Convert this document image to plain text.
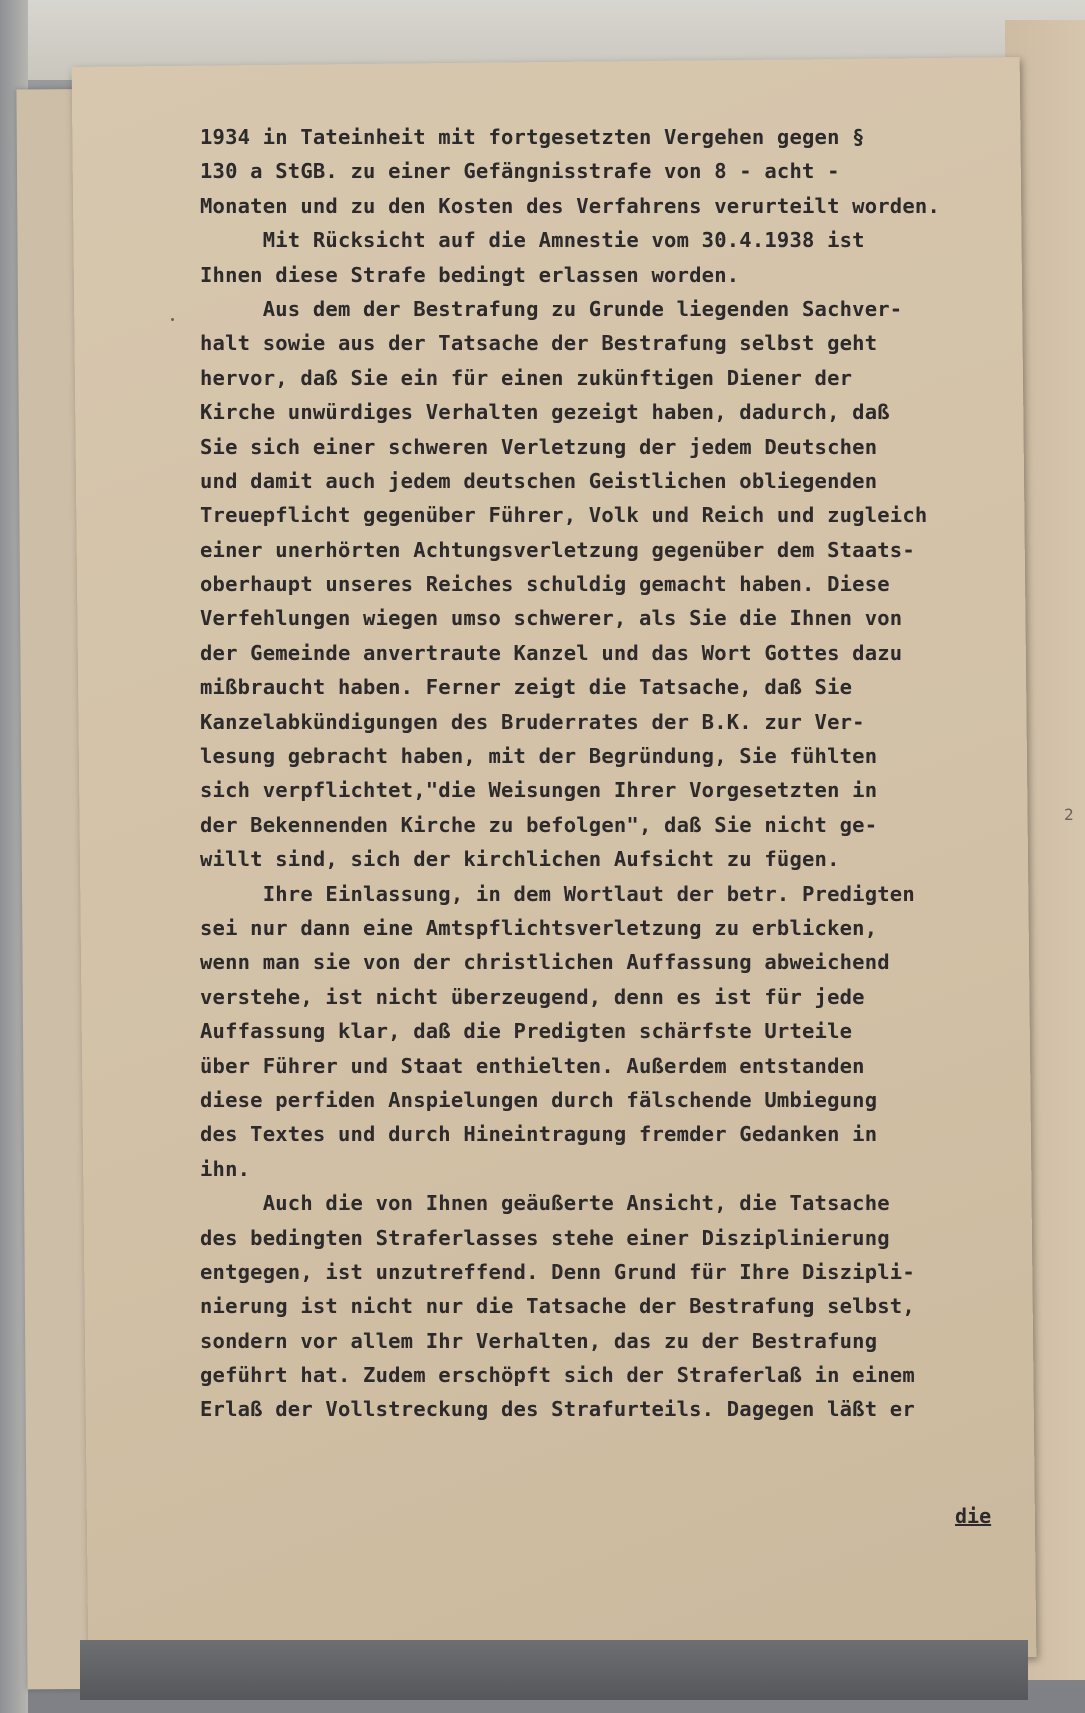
2
1934 in Tateinheit mit fortgesetzten Vergehen gegen §
130 a StGB. zu einer Gefängnisstrafe von 8 - acht -
Monaten und zu den Kosten des Verfahrens verurteilt worden.
Mit Rücksicht auf die Amnestie vom 30.4.1938 ist
Ihnen diese Strafe bedingt erlassen worden.
Aus dem der Bestrafung zu Grunde liegenden Sachver-
halt sowie aus der Tatsache der Bestrafung selbst geht
hervor, daß Sie ein für einen zukünftigen Diener der
Kirche unwürdiges Verhalten gezeigt haben, dadurch, daß
Sie sich einer schweren Verletzung der jedem Deutschen
und damit auch jedem deutschen Geistlichen obliegenden
Treuepflicht gegenüber Führer, Volk und Reich und zugleich
einer unerhörten Achtungsverletzung gegenüber dem Staats-
oberhaupt unseres Reiches schuldig gemacht haben. Diese
Verfehlungen wiegen umso schwerer, als Sie die Ihnen von
der Gemeinde anvertraute Kanzel und das Wort Gottes dazu
mißbraucht haben. Ferner zeigt die Tatsache, daß Sie
Kanzelabkündigungen des Bruderrates der B.K. zur Ver-
lesung gebracht haben, mit der Begründung, Sie fühlten
sich verpflichtet,"die Weisungen Ihrer Vorgesetzten in
der Bekennenden Kirche zu befolgen", daß Sie nicht ge-
willt sind, sich der kirchlichen Aufsicht zu fügen.
Ihre Einlassung, in dem Wortlaut der betr. Predigten
sei nur dann eine Amtspflichtsverletzung zu erblicken,
wenn man sie von der christlichen Auffassung abweichend
verstehe, ist nicht überzeugend, denn es ist für jede
Auffassung klar, daß die Predigten schärfste Urteile
über Führer und Staat enthielten. Außerdem entstanden
diese perfiden Anspielungen durch fälschende Umbiegung
des Textes und durch Hineintragung fremder Gedanken in
ihn.
Auch die von Ihnen geäußerte Ansicht, die Tatsache
des bedingten Straferlasses stehe einer Disziplinierung
entgegen, ist unzutreffend. Denn Grund für Ihre Diszipli-
nierung ist nicht nur die Tatsache der Bestrafung selbst,
sondern vor allem Ihr Verhalten, das zu der Bestrafung
geführt hat. Zudem erschöpft sich der Straferlaß in einem
Erlaß der Vollstreckung des Strafurteils. Dagegen läßt er
die
